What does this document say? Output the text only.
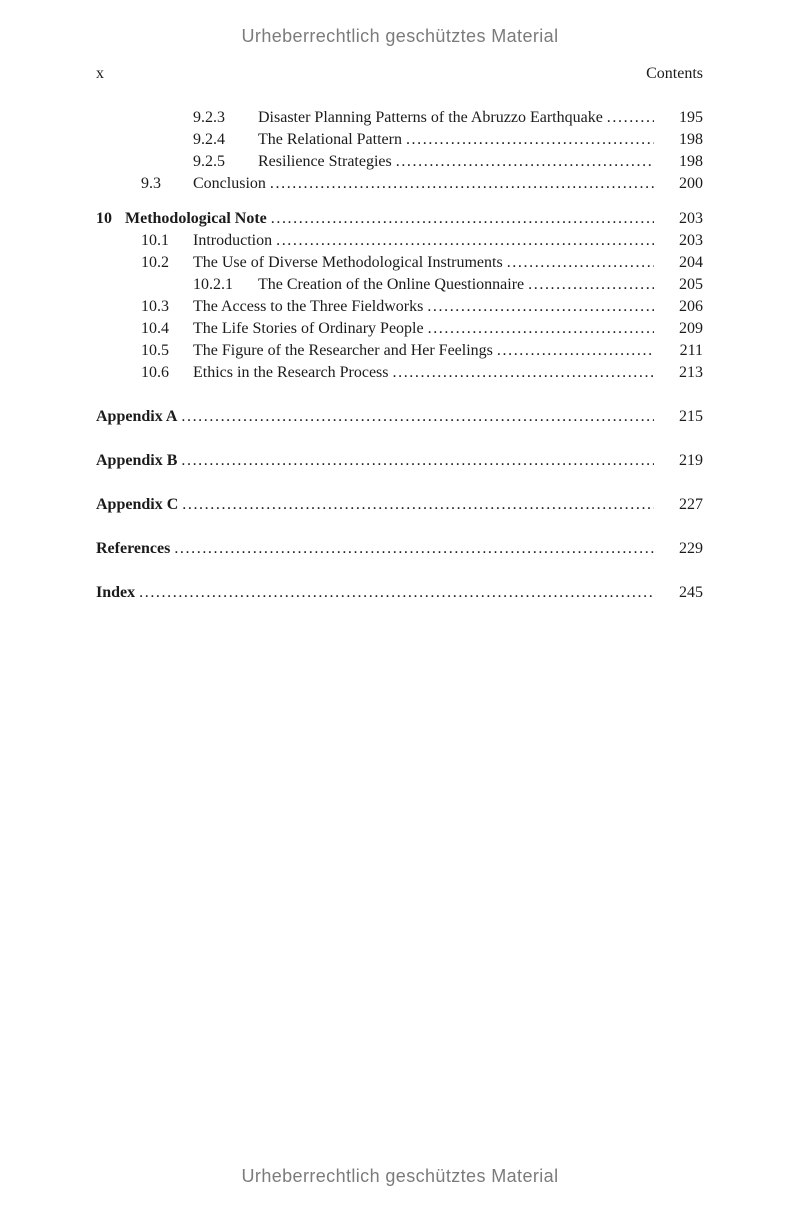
Urheberrechtlich geschütztes Material
x	Contents
9.2.3	Disaster Planning Patterns of the Abruzzo Earthquake .....	195
9.2.4	The Relational Pattern .....	198
9.2.5	Resilience Strategies .....	198
9.3	Conclusion .....	200
10 Methodological Note .....	203
10.1	Introduction .....	203
10.2	The Use of Diverse Methodological Instruments .....	204
10.2.1	The Creation of the Online Questionnaire .....	205
10.3	The Access to the Three Fieldworks .....	206
10.4	The Life Stories of Ordinary People .....	209
10.5	The Figure of the Researcher and Her Feelings .....	211
10.6	Ethics in the Research Process .....	213
Appendix A .....	215
Appendix B .....	219
Appendix C .....	227
References .....	229
Index .....	245
Urheberrechtlich geschütztes Material
